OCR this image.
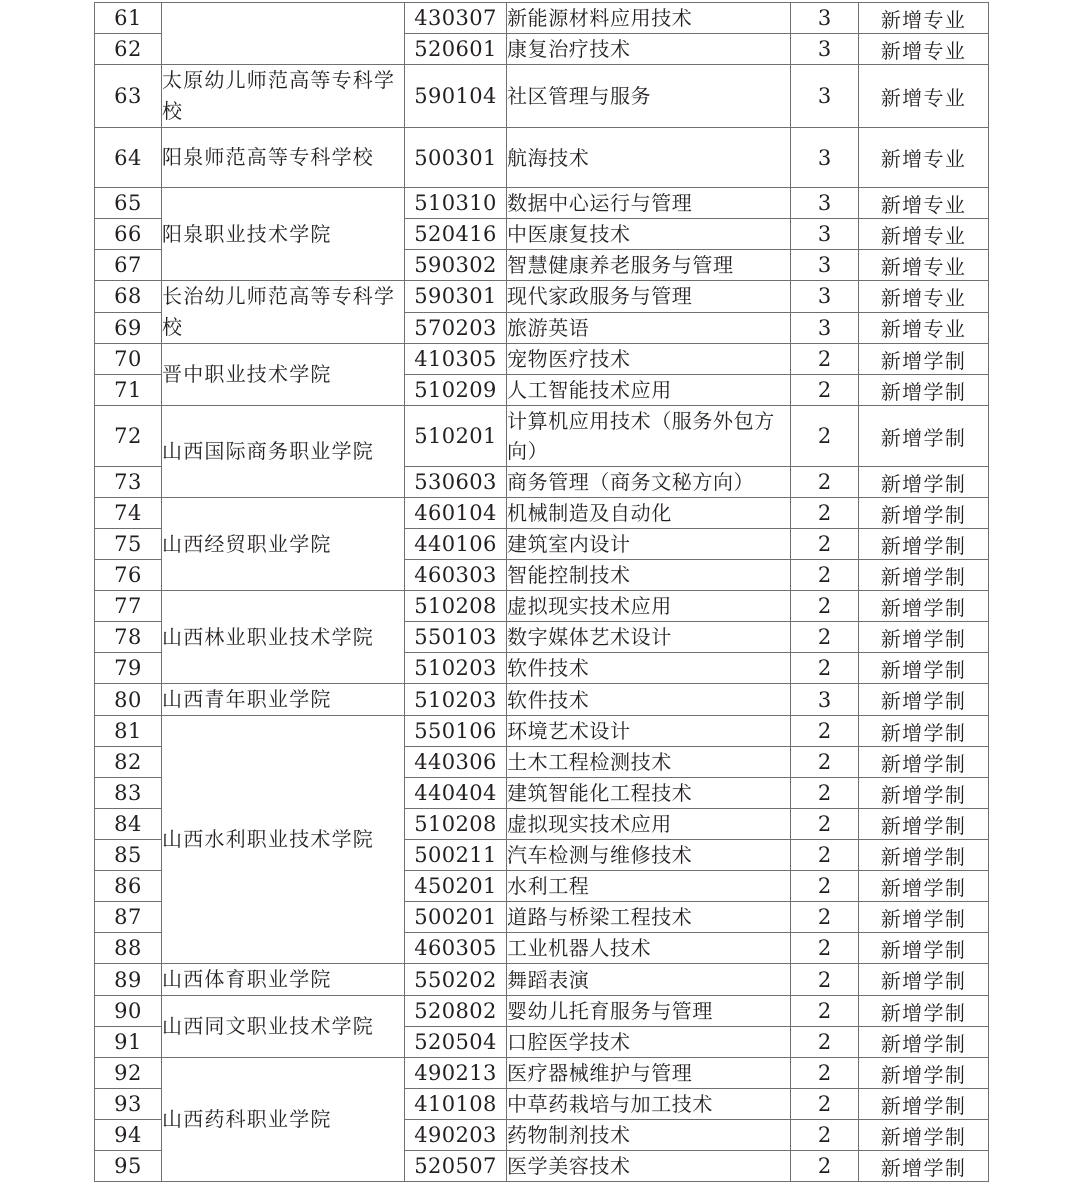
61		430307	新能源材料应用技术	3	新增专业
62		520601	康复治疗技术	3	新增专业
63	太原幼儿师范高等专科学校	590104	社区管理与服务	3	新增专业
64	阳泉师范高等专科学校	500301	航海技术	3	新增专业
65	阳泉职业技术学院	510310	数据中心运行与管理	3	新增专业
66		520416	中医康复技术	3	新增专业
67		590302	智慧健康养老服务与管理	3	新增专业
68	长治幼儿师范高等专科学校	590301	现代家政服务与管理	3	新增专业
69		570203	旅游英语	3	新增专业
70	晋中职业技术学院	410305	宠物医疗技术	2	新增学制
71		510209	人工智能技术应用	2	新增学制
72	山西国际商务职业学院	510201	计算机应用技术（服务外包方向）	2	新增学制
73		530603	商务管理（商务文秘方向）	2	新增学制
74	山西经贸职业学院	460104	机械制造及自动化	2	新增学制
75		440106	建筑室内设计	2	新增学制
76		460303	智能控制技术	2	新增学制
77	山西林业职业技术学院	510208	虚拟现实技术应用	2	新增学制
78		550103	数字媒体艺术设计	2	新增学制
79		510203	软件技术	2	新增学制
80	山西青年职业学院	510203	软件技术	3	新增学制
81	山西水利职业技术学院	550106	环境艺术设计	2	新增学制
82		440306	土木工程检测技术	2	新增学制
83		440404	建筑智能化工程技术	2	新增学制
84		510208	虚拟现实技术应用	2	新增学制
85		500211	汽车检测与维修技术	2	新增学制
86		450201	水利工程	2	新增学制
87		500201	道路与桥梁工程技术	2	新增学制
88		460305	工业机器人技术	2	新增学制
89	山西体育职业学院	550202	舞蹈表演	2	新增学制
90	山西同文职业技术学院	520802	婴幼儿托育服务与管理	2	新增学制
91		520504	口腔医学技术	2	新增学制
92	山西药科职业学院	490213	医疗器械维护与管理	2	新增学制
93		410108	中草药栽培与加工技术	2	新增学制
94		490203	药物制剂技术	2	新增学制
95		520507	医学美容技术	2	新增学制
